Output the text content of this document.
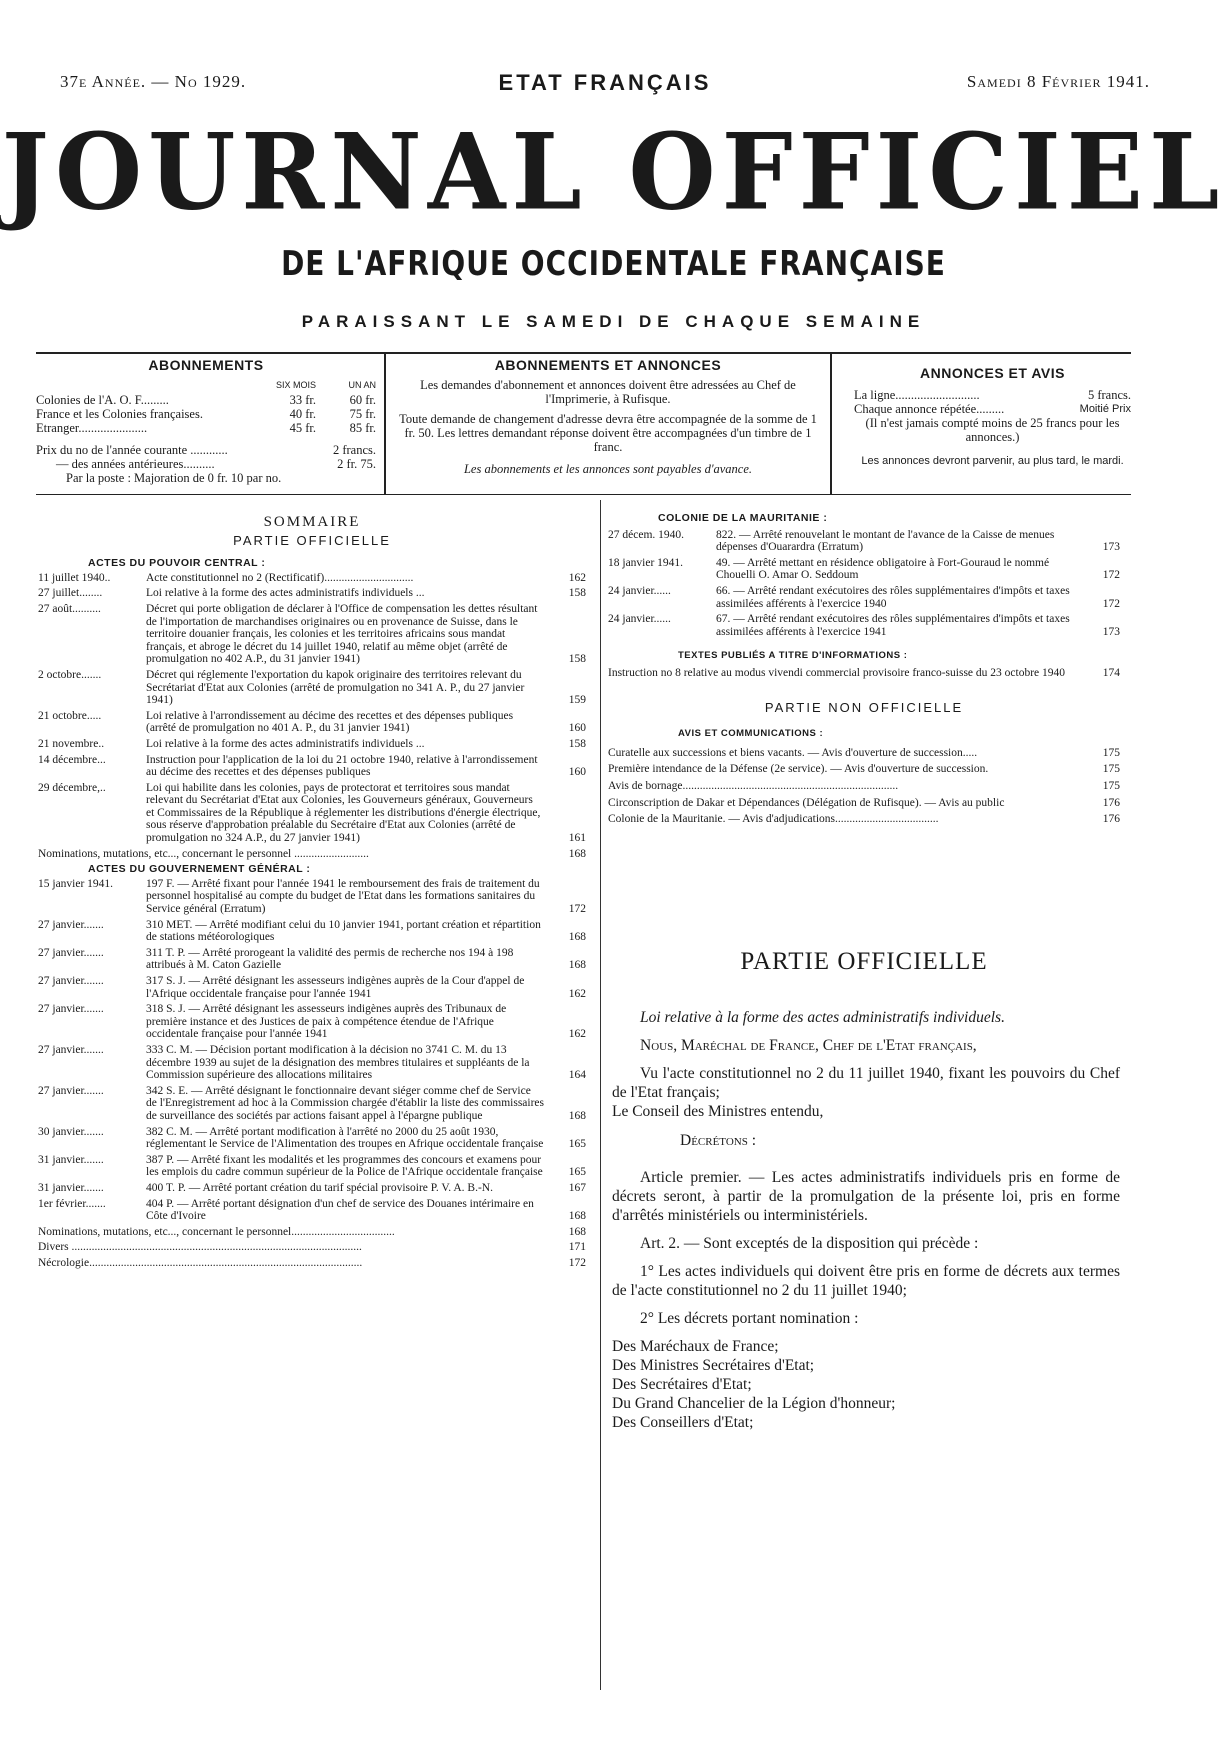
37e Année. — No 1929.	ETAT FRANÇAIS	Samedi 8 Février 1941.
JOURNAL OFFICIEL
DE L'AFRIQUE OCCIDENTALE FRANÇAISE
PARAISSANT LE SAMEDI DE CHAQUE SEMAINE
ABONNEMENTS
SIX MOIS	UN AN
Colonies de l'A. O. F.........	33 fr.	60 fr.
France et les Colonies françaises.	40 fr.	75 fr.
Etranger......................	45 fr.	85 fr.
Prix du no de l'année courante ............	2 francs.
— des années antérieures..........	2 fr. 75.
Par la poste : Majoration de 0 fr. 10 par no.
ABONNEMENTS ET ANNONCES
Les demandes d'abonnement et annonces doivent être adressées au Chef de l'Imprimerie, à Rufisque.
Toute demande de changement d'adresse devra être accompagnée de la somme de 1 fr. 50. Les lettres demandant réponse doivent être accompagnées d'un timbre de 1 franc.
Les abonnements et les annonces sont payables d'avance.
ANNONCES ET AVIS
La ligne...........................	5 francs.
Chaque annonce répétée.........	Moitié Prix
(Il n'est jamais compté moins de 25 francs pour les annonces.)
Les annonces devront parvenir, au plus tard, le mardi.
SOMMAIRE
PARTIE OFFICIELLE
ACTES DU POUVOIR CENTRAL :
11 juillet 1940..	Acte constitutionnel no 2 (Rectificatif)...............................	162
27 juillet........	Loi relative à la forme des actes administratifs individuels ...	158
27 août..........	Décret qui porte obligation de déclarer à l'Office de compensation les dettes résultant de l'importation de marchandises originaires ou en provenance de Suisse, dans le territoire douanier français, les colonies et les territoires africains sous mandat français, et abroge le décret du 14 juillet 1940, relatif au même objet (arrêté de promulgation no 402 A.P., du 31 janvier 1941)	158
2 octobre.......	Décret qui réglemente l'exportation du kapok originaire des territoires relevant du Secrétariat d'Etat aux Colonies (arrêté de promulgation no 341 A. P., du 27 janvier 1941)	159
21 octobre.....	Loi relative à l'arrondissement au décime des recettes et des dépenses publiques (arrêté de promulgation no 401 A. P., du 31 janvier 1941)	160
21 novembre..	Loi relative à la forme des actes administratifs individuels ...	158
14 décembre...	Instruction pour l'application de la loi du 21 octobre 1940, relative à l'arrondissement au décime des recettes et des dépenses publiques	160
29 décembre,..	Loi qui habilite dans les colonies, pays de protectorat et territoires sous mandat relevant du Secrétariat d'Etat aux Colonies, les Gouverneurs généraux, Gouverneurs et Commissaires de la République à réglementer les distributions d'énergie électrique, sous réserve d'approbation préalable du Secrétaire d'Etat aux Colonies (arrêté de promulgation no 324 A.P., du 27 janvier 1941)	161
Nominations, mutations, etc..., concernant le personnel ..........................	168
ACTES DU GOUVERNEMENT GÉNÉRAL :
15 janvier 1941.	197 F. — Arrêté fixant pour l'année 1941 le remboursement des frais de traitement du personnel hospitalisé au compte du budget de l'Etat dans les formations sanitaires du Service général (Erratum)	172
27 janvier.......	310 MET. — Arrêté modifiant celui du 10 janvier 1941, portant création et répartition de stations météorologiques	168
27 janvier.......	311 T. P. — Arrêté prorogeant la validité des permis de recherche nos 194 à 198 attribués à M. Caton Gazielle	168
27 janvier.......	317 S. J. — Arrêté désignant les assesseurs indigènes auprès de la Cour d'appel de l'Afrique occidentale française pour l'année 1941	162
27 janvier.......	318 S. J. — Arrêté désignant les assesseurs indigènes auprès des Tribunaux de première instance et des Justices de paix à compétence étendue de l'Afrique occidentale française pour l'année 1941	162
27 janvier.......	333 C. M. — Décision portant modification à la décision no 3741 C. M. du 13 décembre 1939 au sujet de la désignation des membres titulaires et suppléants de la Commission supérieure des allocations militaires	164
27 janvier.......	342 S. E. — Arrêté désignant le fonctionnaire devant siéger comme chef de Service de l'Enregistrement ad hoc à la Commission chargée d'établir la liste des commissaires de surveillance des sociétés par actions faisant appel à l'épargne publique	168
30 janvier.......	382 C. M. — Arrêté portant modification à l'arrêté no 2000 du 25 août 1930, réglementant le Service de l'Alimentation des troupes en Afrique occidentale française	165
31 janvier.......	387 P. — Arrêté fixant les modalités et les programmes des concours et examens pour les emplois du cadre commun supérieur de la Police de l'Afrique occidentale française	165
31 janvier.......	400 T. P. — Arrêté portant création du tarif spécial provisoire P. V. A. B.-N.	167
1er février.......	404 P. — Arrêté portant désignation d'un chef de service des Douanes intérimaire en Côte d'Ivoire	168
Nominations, mutations, etc..., concernant le personnel....................................	168
Divers .....................................................................................................	171
Nécrologie...............................................................................................	172
COLONIE DE LA MAURITANIE :
27 décem. 1940.	822. — Arrêté renouvelant le montant de l'avance de la Caisse de menues dépenses d'Ouarardra (Erratum)	173
18 janvier 1941.	49. — Arrêté mettant en résidence obligatoire à Fort-Gouraud le nommé Chouelli O. Amar O. Seddoum	172
24 janvier......	66. — Arrêté rendant exécutoires des rôles supplémentaires d'impôts et taxes assimilées afférents à l'exercice 1940	172
24 janvier......	67. — Arrêté rendant exécutoires des rôles supplémentaires d'impôts et taxes assimilées afférents à l'exercice 1941	173
TEXTES PUBLIÉS A TITRE D'INFORMATIONS :
Instruction no 8 relative au modus vivendi commercial provisoire franco-suisse du 23 octobre 1940	174
PARTIE NON OFFICIELLE
AVIS ET COMMUNICATIONS :
Curatelle aux successions et biens vacants. — Avis d'ouverture de succession.....	175
Première intendance de la Défense (2e service). — Avis d'ouverture de succession.	175
Avis de bornage...........................................................................	175
Circonscription de Dakar et Dépendances (Délégation de Rufisque). — Avis au public	176
Colonie de la Mauritanie. — Avis d'adjudications....................................	176
PARTIE OFFICIELLE

Loi relative à la forme des actes administratifs individuels.

Nous, Maréchal de France, Chef de l'Etat français,

Vu l'acte constitutionnel no 2 du 11 juillet 1940, fixant les pouvoirs du Chef de l'Etat français;

Le Conseil des Ministres entendu,

Décrétons :

Article premier. — Les actes administratifs individuels pris en forme de décrets seront, à partir de la promulgation de la présente loi, pris en forme d'arrêtés ministériels ou interministériels.

Art. 2. — Sont exceptés de la disposition qui précède :

1° Les actes individuels qui doivent être pris en forme de décrets aux termes de l'acte constitutionnel no 2 du 11 juillet 1940;

2° Les décrets portant nomination :

Des Maréchaux de France;
Des Ministres Secrétaires d'Etat;
Des Secrétaires d'Etat;
Du Grand Chancelier de la Légion d'honneur;
Des Conseillers d'Etat;
